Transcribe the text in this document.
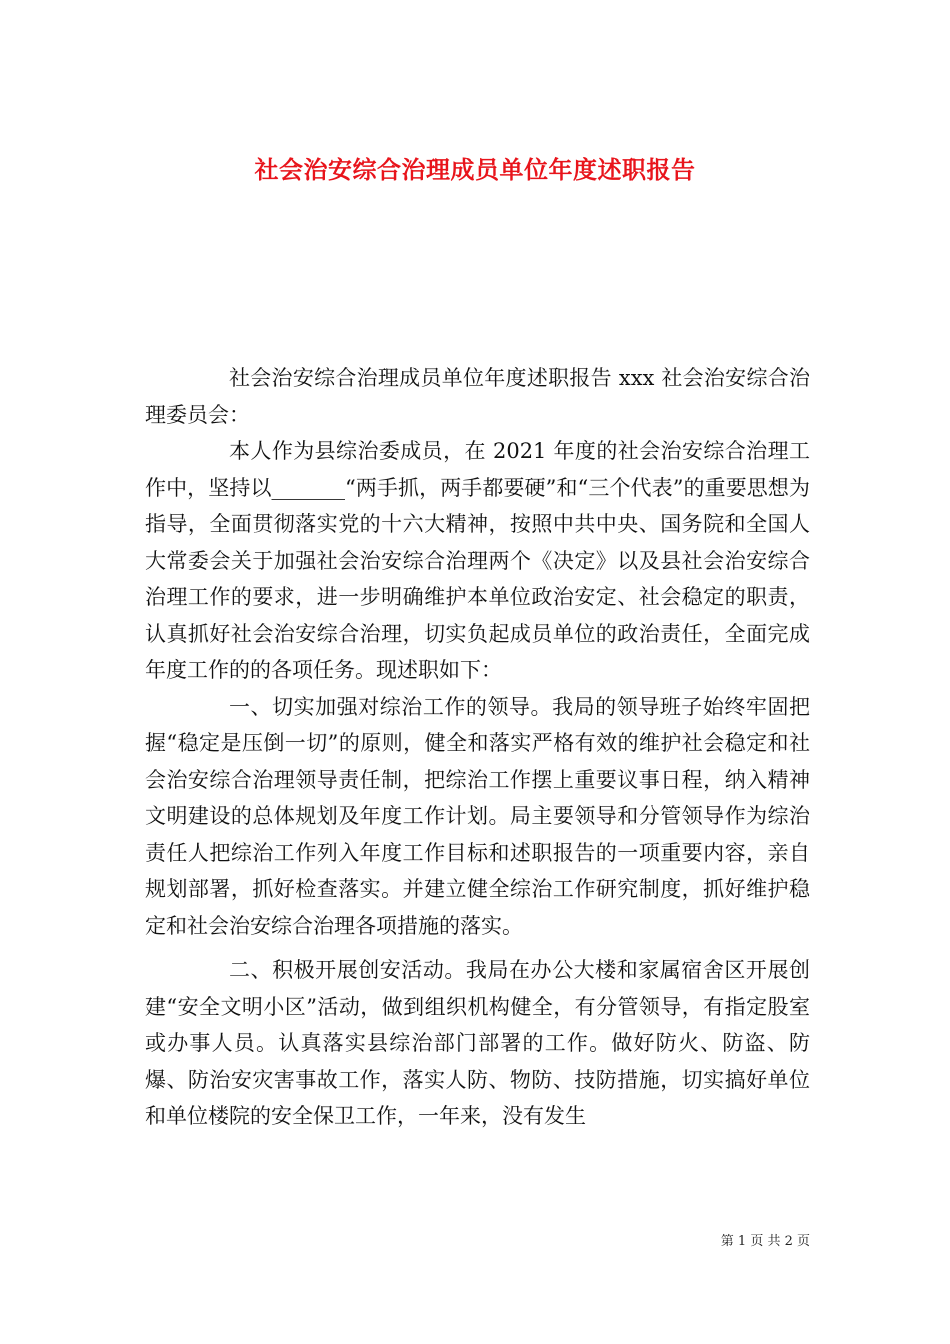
社会治安综合治理成员单位年度述职报告

社会治安综合治理成员单位年度述职报告 xxx 社会治安综合治理委员会：

本人作为县综治委成员，在 2021 年度的社会治安综合治理工作中，坚持以_______“两手抓，两手都要硬”和“三个代表”的重要思想为指导，全面贯彻落实党的十六大精神，按照中共中央、国务院和全国人大常委会关于加强社会治安综合治理两个《决定》以及县社会治安综合治理工作的要求，进一步明确维护本单位政治安定、社会稳定的职责，认真抓好社会治安综合治理，切实负起成员单位的政治责任，全面完成年度工作的的各项任务。现述职如下：

一、切实加强对综治工作的领导。我局的领导班子始终牢固把握“稳定是压倒一切”的原则，健全和落实严格有效的维护社会稳定和社会治安综合治理领导责任制，把综治工作摆上重要议事日程，纳入精神文明建设的总体规划及年度工作计划。局主要领导和分管领导作为综治责任人把综治工作列入年度工作目标和述职报告的一项重要内容，亲自规划部署，抓好检查落实。并建立健全综治工作研究制度，抓好维护稳定和社会治安综合治理各项措施的落实。

二、积极开展创安活动。我局在办公大楼和家属宿舍区开展创建“安全文明小区”活动，做到组织机构健全，有分管领导，有指定股室或办事人员。认真落实县综治部门部署的工作。做好防火、防盗、防爆、防治安灾害事故工作，落实人防、物防、技防措施，切实搞好单位和单位楼院的安全保卫工作，一年来，没有发生

第 1 页 共 2 页
